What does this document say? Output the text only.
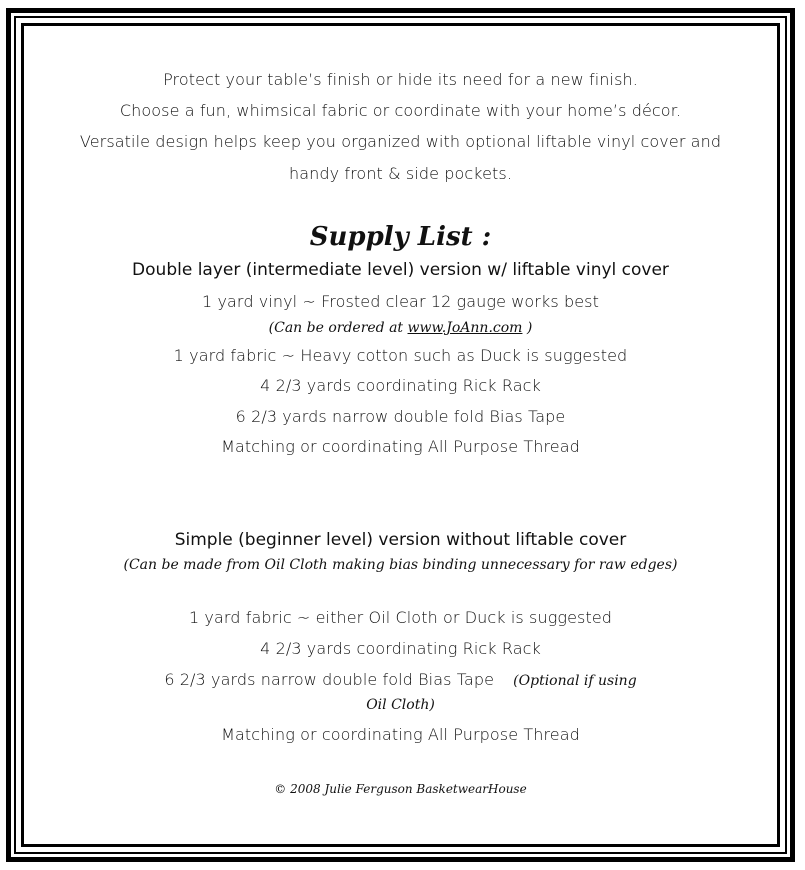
Protect your table’s finish or hide its need for a new finish.
Choose a fun, whimsical fabric or coordinate with your home’s décor.
Versatile design helps keep you organized with optional liftable vinyl cover and
handy front & side pockets.
Supply List :
Double layer (intermediate level) version w/ liftable vinyl cover
1 yard vinyl ~ Frosted clear 12 gauge works best
(Can be ordered at www.JoAnn.com )
1 yard fabric ~ Heavy cotton such as Duck is suggested
4 2/3 yards coordinating Rick Rack
6 2/3 yards narrow double fold Bias Tape
Matching or coordinating All Purpose Thread
Simple (beginner level) version without liftable cover
(Can be made from Oil Cloth making bias binding unnecessary for raw edges)
1 yard fabric ~ either Oil Cloth or Duck is suggested
4 2/3 yards coordinating Rick Rack
6 2/3 yards narrow double fold Bias Tape (Optional if using
Oil Cloth)
Matching or coordinating All Purpose Thread
© 2008 Julie Ferguson BasketwearHouse
